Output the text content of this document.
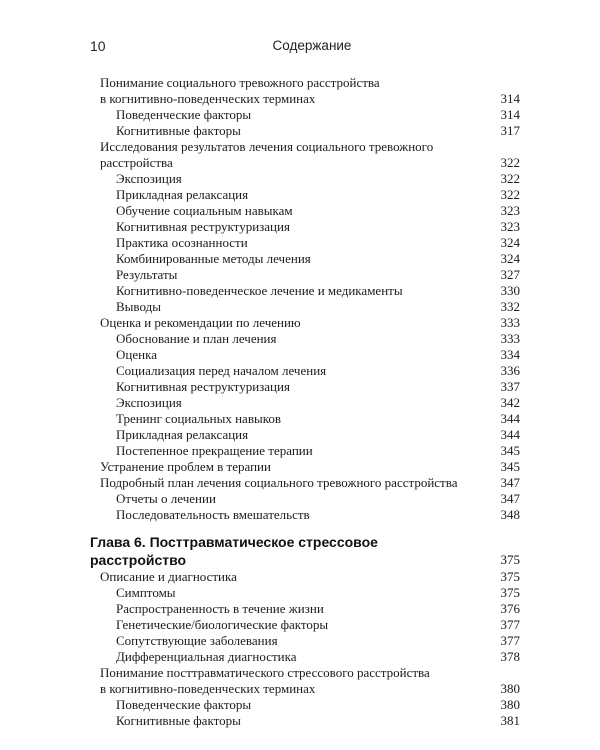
10	Содержание
Понимание социального тревожного расстройства
в когнитивно-поведенческих терминах	314
Поведенческие факторы	314
Когнитивные факторы	317
Исследования результатов лечения социального тревожного
расстройства	322
Экспозиция	322
Прикладная релаксация	322
Обучение социальным навыкам	323
Когнитивная реструктуризация	323
Практика осознанности	324
Комбинированные методы лечения	324
Результаты	327
Когнитивно-поведенческое лечение и медикаменты	330
Выводы	332
Оценка и рекомендации по лечению	333
Обоснование и план лечения	333
Оценка	334
Социализация перед началом лечения	336
Когнитивная реструктуризация	337
Экспозиция	342
Тренинг социальных навыков	344
Прикладная релаксация	344
Постепенное прекращение терапии	345
Устранение проблем в терапии	345
Подробный план лечения социального тревожного расстройства	347
Отчеты о лечении	347
Последовательность вмешательств	348
Глава 6. Посттравматическое стрессовое расстройство	375
Описание и диагностика	375
Симптомы	375
Распространенность в течение жизни	376
Генетические/биологические факторы	377
Сопутствующие заболевания	377
Дифференциальная диагностика	378
Понимание посттравматического стрессового расстройства
в когнитивно-поведенческих терминах	380
Поведенческие факторы	380
Когнитивные факторы	381
